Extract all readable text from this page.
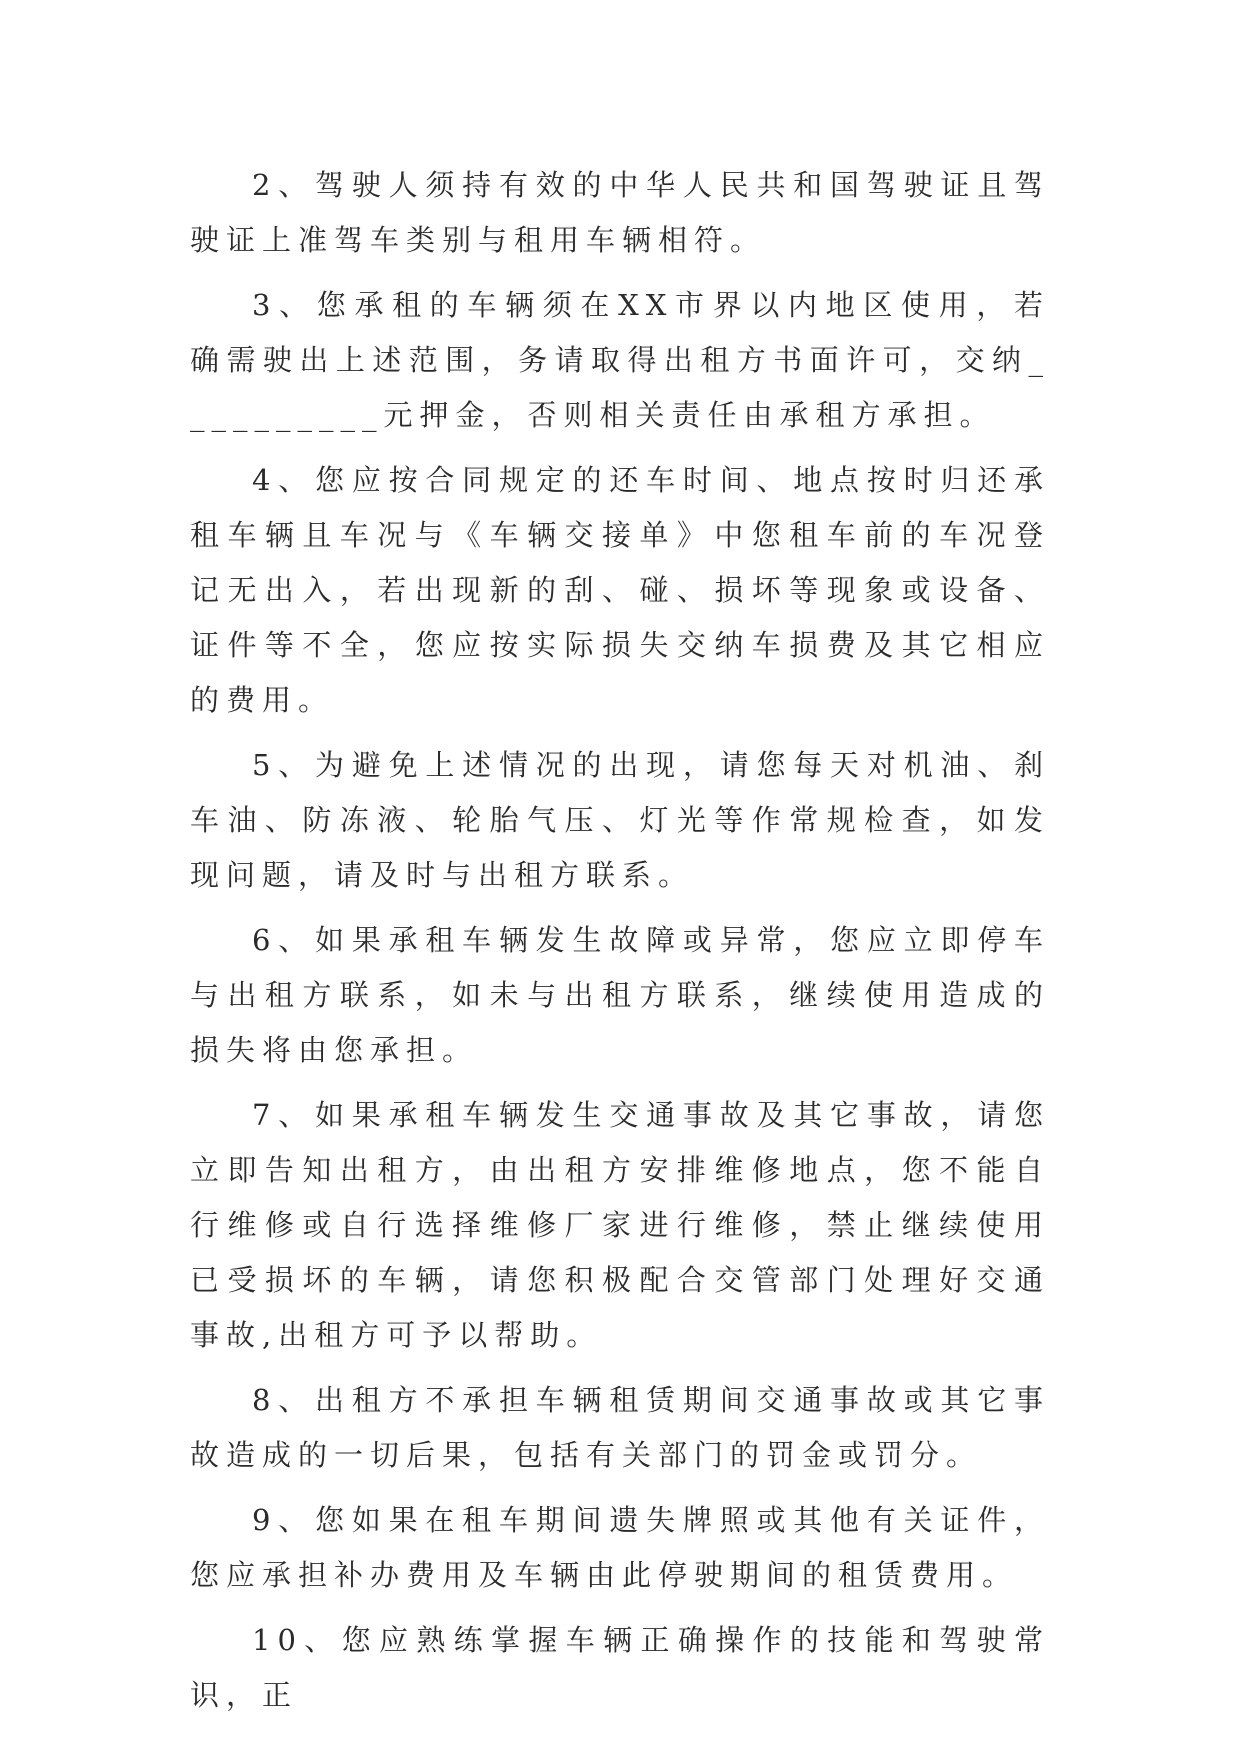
2、驾驶人须持有效的中华人民共和国驾驶证且驾驶证上准驾车类别与租用车辆相符。

3、您承租的车辆须在XX市界以内地区使用，若确需驶出上述范围，务请取得出租方书面许可，交纳__________元押金，否则相关责任由承租方承担。

4、您应按合同规定的还车时间、地点按时归还承租车辆且车况与《车辆交接单》中您租车前的车况登记无出入，若出现新的刮、碰、损坏等现象或设备、证件等不全，您应按实际损失交纳车损费及其它相应的费用。

5、为避免上述情况的出现，请您每天对机油、刹车油、防冻液、轮胎气压、灯光等作常规检查，如发现问题，请及时与出租方联系。

6、如果承租车辆发生故障或异常，您应立即停车与出租方联系，如未与出租方联系，继续使用造成的损失将由您承担。

7、如果承租车辆发生交通事故及其它事故，请您立即告知出租方，由出租方安排维修地点，您不能自行维修或自行选择维修厂家进行维修，禁止继续使用已受损坏的车辆，请您积极配合交管部门处理好交通事故,出租方可予以帮助。

8、出租方不承担车辆租赁期间交通事故或其它事故造成的一切后果，包括有关部门的罚金或罚分。

9、您如果在租车期间遗失牌照或其他有关证件，您应承担补办费用及车辆由此停驶期间的租赁费用。

10、您应熟练掌握车辆正确操作的技能和驾驶常识，正
